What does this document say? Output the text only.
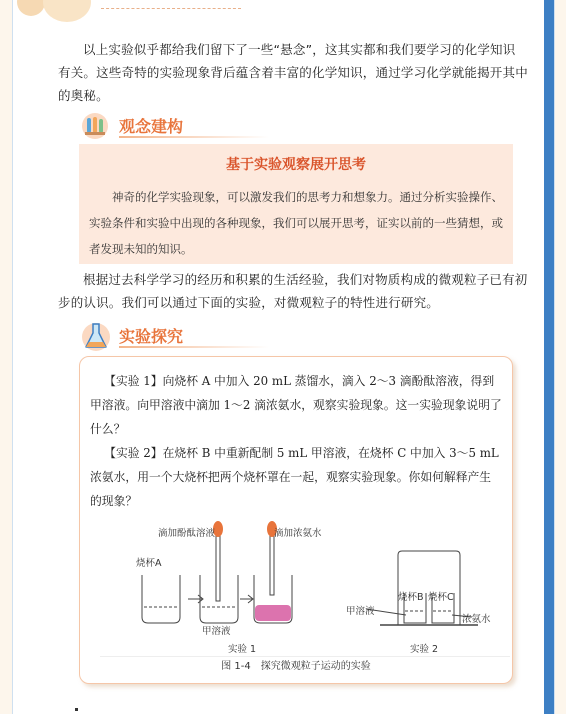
以上实验似乎都给我们留下了一些“悬念”，这其实都和我们要学习的化学知识有关。这些奇特的实验现象背后蕴含着丰富的化学知识，通过学习化学就能揭开其中的奥秘。
观念建构
基于实验观察展开思考
神奇的化学实验现象，可以激发我们的思考力和想象力。通过分析实验操作、实验条件和实验中出现的各种现象，我们可以展开思考，证实以前的一些猜想，或者发现未知的知识。
根据过去科学学习的经历和积累的生活经验，我们对物质构成的微观粒子已有初步的认识。我们可以通过下面的实验，对微观粒子的特性进行研究。
实验探究
【实验 1】向烧杯 A 中加入 20 mL 蒸馏水，滴入 2～3 滴酚酞溶液，得到甲溶液。向甲溶液中滴加 1～2 滴浓氨水，观察实验现象。这一实验现象说明了什么？
【实验 2】在烧杯 B 中重新配制 5 mL 甲溶液，在烧杯 C 中加入 3～5 mL 浓氨水，用一个大烧杯把两个烧杯罩在一起，观察实验现象。你如何解释产生的现象？
滴加酚酞溶液	滴加浓氨水
烧杯A
甲溶液
甲溶液
烧杯B 烧杯C
浓氨水
实验 1	实验 2
图 1-4　探究微观粒子运动的实验
